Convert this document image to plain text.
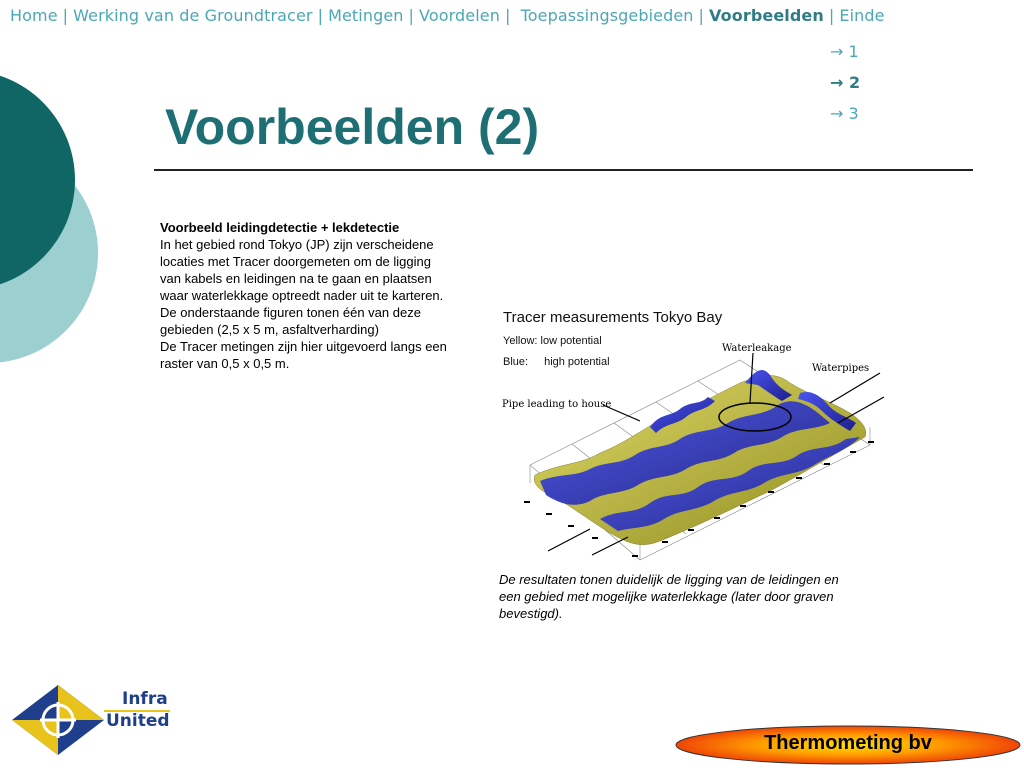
Home | Werking van de Groundtracer | Metingen | Voordelen | Toepassingsgebieden | Voorbeelden | Einde
→ 1
→ 2
→ 3
Voorbeelden (2)
Voorbeeld leidingdetectie + lekdetectie

In het gebied rond Tokyo (JP) zijn verscheidene locaties met Tracer doorgemeten om de ligging van kabels en leidingen na te gaan en plaatsen waar waterlekkage optreedt nader uit te karteren.

De onderstaande figuren tonen één van deze gebieden (2,5 x 5 m, asfaltverharding)

De Tracer metingen zijn hier uitgevoerd langs een raster van 0,5 x 0,5 m.

Tracer measurements Tokyo Bay
Yellow: low potential
Blue: high potential
Waterleakage
Waterpipes
Pipe leading to house
De resultaten tonen duidelijk de ligging van de leidingen en een gebied met mogelijke waterlekkage (later door graven bevestigd).
Infra
United
Thermometing bv
